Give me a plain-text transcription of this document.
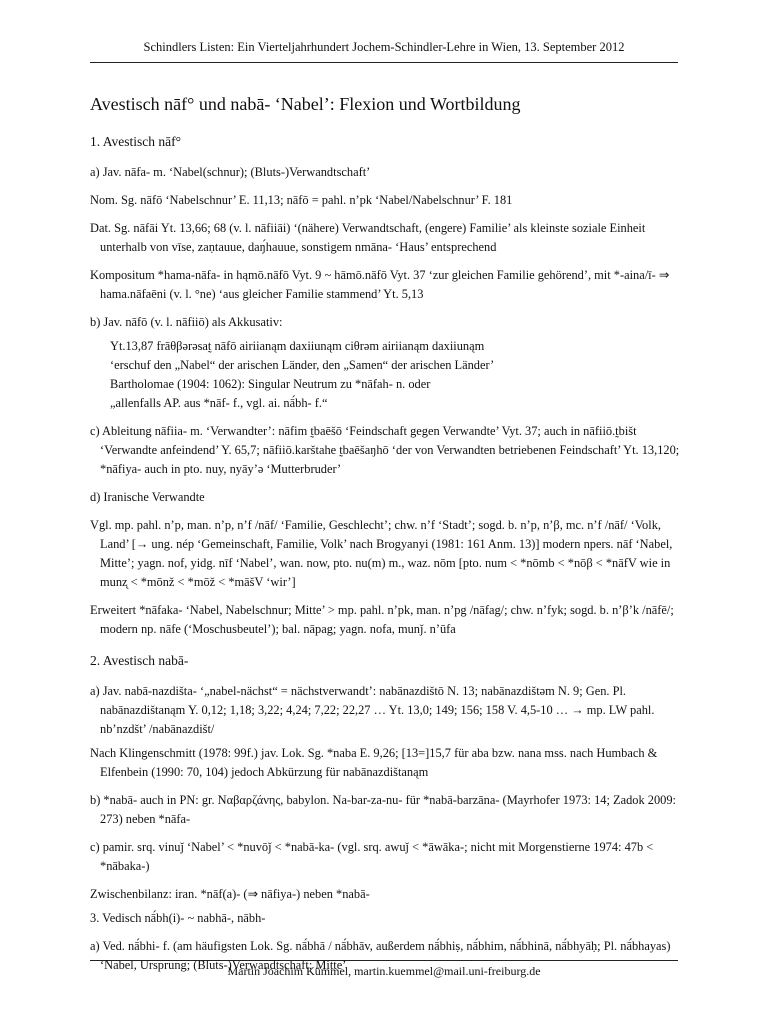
Schindlers Listen: Ein Vierteljahrhundert Jochem-Schindler-Lehre in Wien, 13. September 2012
Avestisch nāf° und nabā- ‘Nabel’: Flexion und Wortbildung
1. Avestisch nāf°

a) Jav. nāfa- m. ‘Nabel(schnur); (Bluts-)Verwandtschaft’

Nom. Sg. nāfō ‘Nabelschnur’ E. 11,13; nāfō = pahl. n’pk ‘Nabel/Nabelschnur’ F. 181

Dat. Sg. nāfāi Yt. 13,66; 68 (v. l. nāfiiāi) ‘(nähere) Verwandtschaft, (engere) Familie’ als kleinste soziale Einheit unterhalb von vīse, zaṇtauue, daŋ́hauue, sonstigem nmāna- ‘Haus’ entsprechend

Kompositum *hama-nāfa- in hąmō.nāfō Vyt. 9 ~ hāmō.nāfō Vyt. 37 ‘zur gleichen Familie gehörend’, mit *-aina/ī- ⇒ hama.nāfaēni (v. l. °ne) ‘aus gleicher Familie stammend’ Yt. 5,13

b) Jav. nāfō (v. l. nāfiiō) als Akkusativ:

Yt.13,87 frāθβərəsat̰ nāfō airiianąm daxiiunąm ciθrəm airiianąm daxiiunąm

‘erschuf den „Nabel“ der arischen Länder, den „Samen“ der arischen Länder’

Bartholomae (1904: 1062): Singular Neutrum zu *nāfah- n. oder

„allenfalls AP. aus *nāf- f., vgl. ai. nā́bh- f.“

c) Ableitung nāfiia- m. ‘Verwandter’: nāfim t̰baēšō ‘Feindschaft gegen Verwandte’ Vyt. 37; auch in nāfiiō.t̰bišt ‘Verwandte anfeindend’ Y. 65,7; nāfiiō.karštahe t̰baēšaŋhō ‘der von Verwandten betriebenen Feindschaft’ Yt. 13,120; *nāfiya- auch in pto. nuy, nyāy’ə ‘Mutterbruder’

d) Iranische Verwandte

Vgl. mp. pahl. n’p, man. n’p, n’f /nāf/ ‘Familie, Geschlecht’; chw. n’f ‘Stadt’; sogd. b. n’p, n’β, mc. n’f /nāf/ ‘Volk, Land’ [→ ung. nép ‘Gemeinschaft, Familie, Volk’ nach Brogyanyi (1981: 161 Anm. 13)] modern npers. nāf ‘Nabel, Mitte’; yagn. nof, yidg. nīf ‘Nabel’, wan. now, pto. nu(m) m., waz. nōm [pto. num < *nōmb < *nōβ < *nāfV wie in munz̨ < *mōnž < *mōž < *māšV ‘wir’]

Erweitert *nāfaka- ‘Nabel, Nabelschnur; Mitte’ > mp. pahl. n’pk, man. n’pg /nāfag/; chw. n’fyk; sogd. b. n’β’k /nāfē/; modern np. nāfe (‘Moschusbeutel’); bal. nāpag; yagn. nofa, munǰ. n’ūfa

2. Avestisch nabā-

a) Jav. nabā-nazdišta- ‘„nabel-nächst“ = nächstverwandt’: nabānazdištō N. 13; nabānazdištəm N. 9; Gen. Pl. nabānazdištanąm Y. 0,12; 1,18; 3,22; 4,24; 7,22; 22,27 … Yt. 13,0; 149; 156; 158 V. 4,5-10 … → mp. LW pahl. nb’nzdšt’ /nabānazdišt/

Nach Klingenschmitt (1978: 99f.) jav. Lok. Sg. *naba E. 9,26; [13=]15,7 für aba bzw. nana mss. nach Humbach & Elfenbein (1990: 70, 104) jedoch Abkürzung für nabānazdištanąm

b) *nabā- auch in PN: gr. Ναβαρζάνης, babylon. Na-bar-za-nu- für *nabā-barzāna- (Mayrhofer 1973: 14; Zadok 2009: 273) neben *nāfa-

c) pamir. srq. vinuǰ ‘Nabel’ < *nuvōǰ < *nabā-ka- (vgl. srq. awuǰ < *āwāka-; nicht mit Morgenstierne 1974: 47b < *nābaka-)

Zwischenbilanz: iran. *nāf(a)- (⇒ nāfiya-) neben *nabā-

3. Vedisch nā́bh(i)- ~ nabhā-, nābh-

a) Ved. nā́bhi- f. (am häufigsten Lok. Sg. nā́bhā / nā́bhāv, außerdem nā́bhiṣ, nā́bhim, nā́bhinā, nā́bhyāḥ; Pl. nā́bhayas) ‘Nabel, Ursprung; (Bluts-)Verwandtschaft; Mitte’

Martin Joachim Kümmel, martin.kuemmel@mail.uni-freiburg.de
